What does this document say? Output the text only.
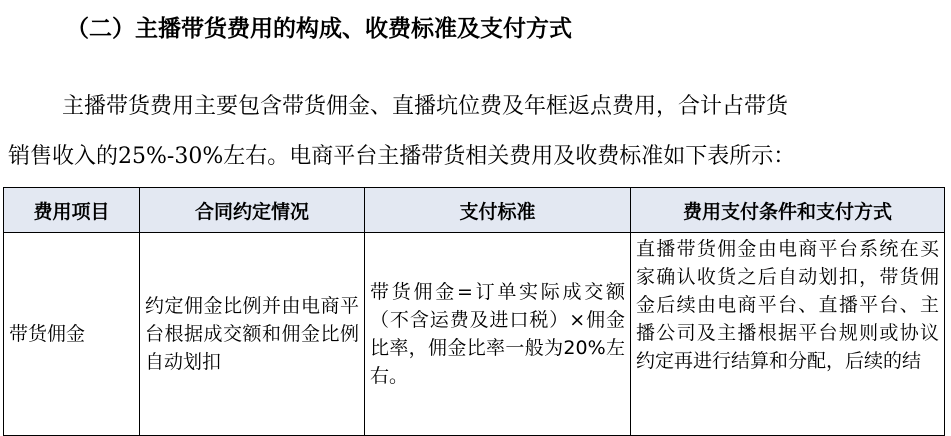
（二）主播带货费用的构成、收费标准及支付方式
主播带货费用主要包含带货佣金、直播坑位费及年框返点费用，合计占带货
销售收入的25%-30%左右。电商平台主播带货相关费用及收费标准如下表所示：
费用项目	合同约定情况	支付标准	费用支付条件和支付方式
带货佣金	约定佣金比例并由电商平台根据成交额和佣金比例自动划扣	带货佣金=订单实际成交额（不含运费及进口税）×佣金比率，佣金比率一般为20%左右。	直播带货佣金由电商平台系统在买家确认收货之后自动划扣，带货佣金后续由电商平台、直播平台、主播公司及主播根据平台规则或协议约定再进行结算和分配，后续的结
